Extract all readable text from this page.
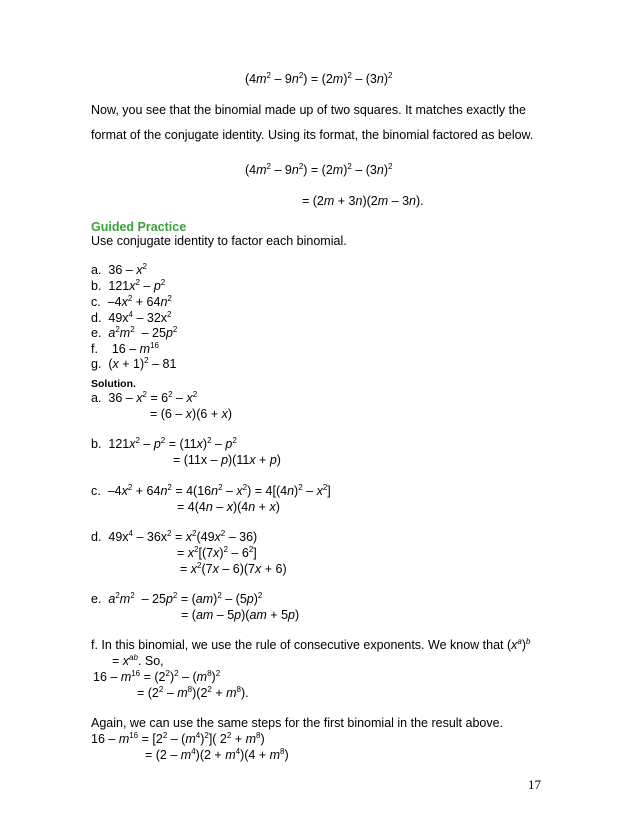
$(4m^2 - 9n^2) = (2m)^2 - (3n)^2$
Now, you see that the binomial made up of two squares. It matches exactly the
format of the conjugate identity. Using its format, the binomial factored as below.
$(4m^2 - 9n^2) = (2m)^2 - (3n)^2$
= (2m + 3n)(2m – 3n).
Guided Practice
Use conjugate identity to factor each binomial.
a.  $36 - x^2$
b.  $121x^2 - p^2$
c.  $-4x^2 + 64n^2$
d.  $49x^4 - 32x^2$
e.  $a^2m^2 - 25p^2$
f.    $16 - m^{16}$
g.  $(x + 1)^2 - 81$
Solution.
a.  $36 - x^2 = 6^2 - x^2$
= (6 – x)(6 + x)
b.  $121x^2 - p^2 = (11x)^2 - p^2$
= (11x – p)(11x + p)
c.  $-4x^2 + 64n^2 = 4(16n^2 - x^2) = 4[(4n)^2 - x^2]$
= 4(4n – x)(4n + x)
d.  $49x^4 - 36x^2 = x^2(49x^2 - 36)$
= $x^2[(7x)^2 - 6^2]$
= $x^2(7x - 6)(7x + 6)$
e.  $a^2m^2 - 25p^2 = (am)^2 - (5p)^2$
= (am – 5p)(am + 5p)
f. In this binomial, we use the rule of consecutive exponents. We know that $(x^a)^b$
= $x^{ab}$. So,
$16 - m^{16} = (2^2)^2 - (m^8)^2$
= $(2^2 - m^8)(2^2 + m^8)$.
Again, we can use the same steps for the first binomial in the result above.
$16 - m^{16} = [2^2 - (m^4)^2]$( $2^2 + m^8$)
= $(2 - m^4)(2 + m^4)(4 + m^8)$
17
